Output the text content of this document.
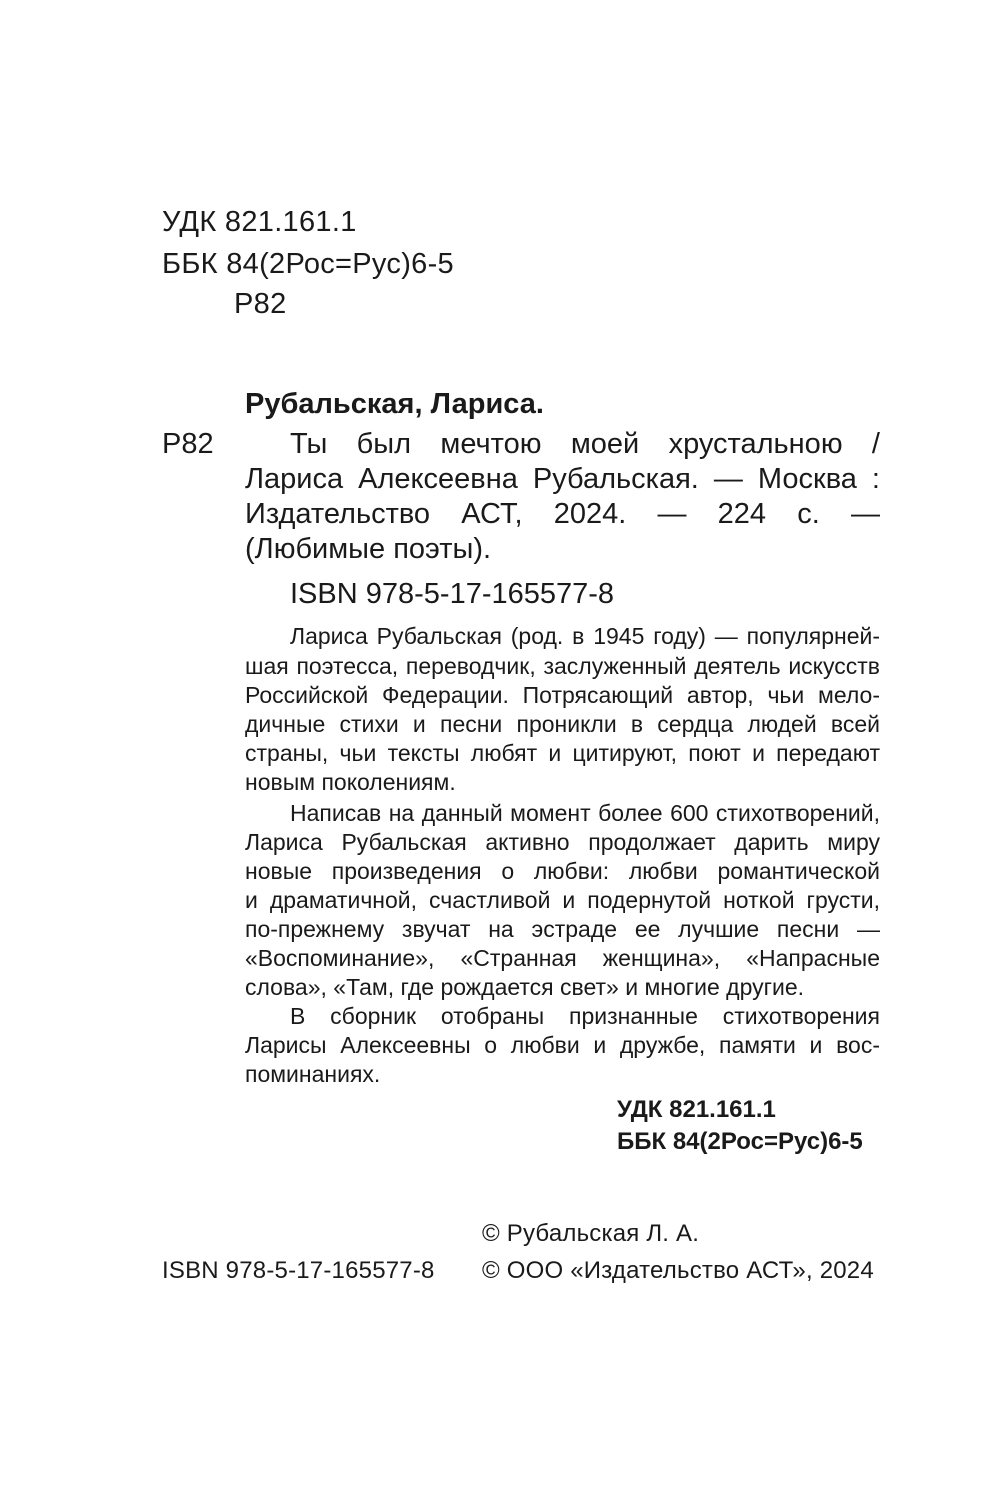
УДК 821.161.1
ББК 84(2Рос=Рус)6-5
Р82
Рубальская, Лариса.
Р82	Ты был мечтою моей хрустальною /
Лариса Алексеевна Рубальская. — Москва :
Издательство АСТ, 2024. — 224 с. —
(Любимые поэты).
ISBN 978-5-17-165577-8
Лариса Рубальская (род. в 1945 году) — популярней-
шая поэтесса, переводчик, заслуженный деятель искусств
Российской Федерации. Потрясающий автор, чьи мело-
дичные стихи и песни проникли в сердца людей всей
страны, чьи тексты любят и цитируют, поют и передают
новым поколениям.
Написав на данный момент более 600 стихотворений,
Лариса Рубальская активно продолжает дарить миру
новые произведения о любви: любви романтической
и драматичной, счастливой и подернутой ноткой грусти,
по-прежнему звучат на эстраде ее лучшие песни —
«Воспоминание», «Странная женщина», «Напрасные
слова», «Там, где рождается свет» и многие другие.
В сборник отобраны признанные стихотворения
Ларисы Алексеевны о любви и дружбе, памяти и вос-
поминаниях.
УДК 821.161.1
ББК 84(2Рос=Рус)6-5
© Рубальская Л. А.
ISBN 978-5-17-165577-8 © ООО «Издательство АСТ», 2024
